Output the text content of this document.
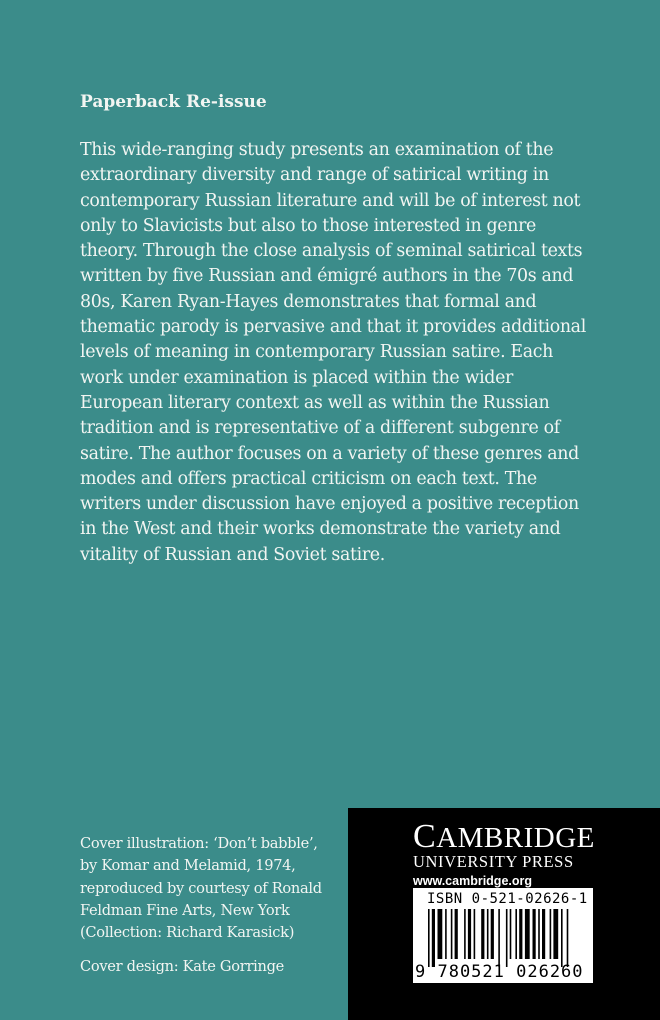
Paperback Re-issue
This wide-ranging study presents an examination of the
extraordinary diversity and range of satirical writing in
contemporary Russian literature and will be of interest not
only to Slavicists but also to those interested in genre
theory. Through the close analysis of seminal satirical texts
written by five Russian and émigré authors in the 70s and
80s, Karen Ryan-Hayes demonstrates that formal and
thematic parody is pervasive and that it provides additional
levels of meaning in contemporary Russian satire. Each
work under examination is placed within the wider
European literary context as well as within the Russian
tradition and is representative of a different subgenre of
satire. The author focuses on a variety of these genres and
modes and offers practical criticism on each text. The
writers under discussion have enjoyed a positive reception
in the West and their works demonstrate the variety and
vitality of Russian and Soviet satire.
Cover illustration: ‘Don’t babble’,
by Komar and Melamid, 1974,
reproduced by courtesy of Ronald
Feldman Fine Arts, New York
(Collection: Richard Karasick)
Cover design: Kate Gorringe
CAMBRIDGE
UNIVERSITY PRESS
www.cambridge.org
ISBN 0-521-02626-1
9 780521 026260 >
